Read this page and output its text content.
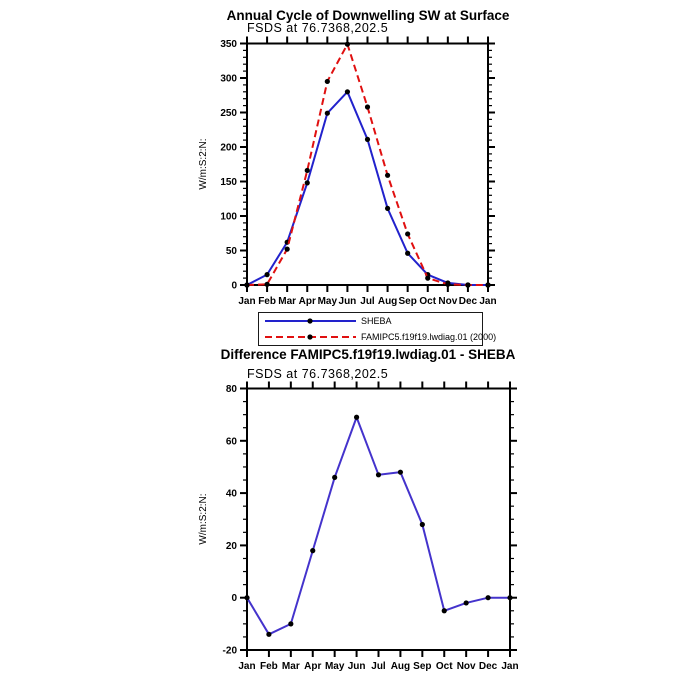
Annual Cycle of Downwelling SW at Surface
FSDS at 76.7368,202.5
W/m:S:2:N:
0
50
100
150
200
250
300
350
Jan Feb Mar Apr May Jun Jul Aug Sep Oct Nov Dec Jan
SHEBA
FAMIPC5.f19f19.lwdiag.01 (2000)
Difference FAMIPC5.f19f19.lwdiag.01 - SHEBA
FSDS at 76.7368,202.5
W/m:S:2:N:
-20
0
20
40
60
80
Jan Feb Mar Apr May Jun Jul Aug Sep Oct Nov Dec Jan
